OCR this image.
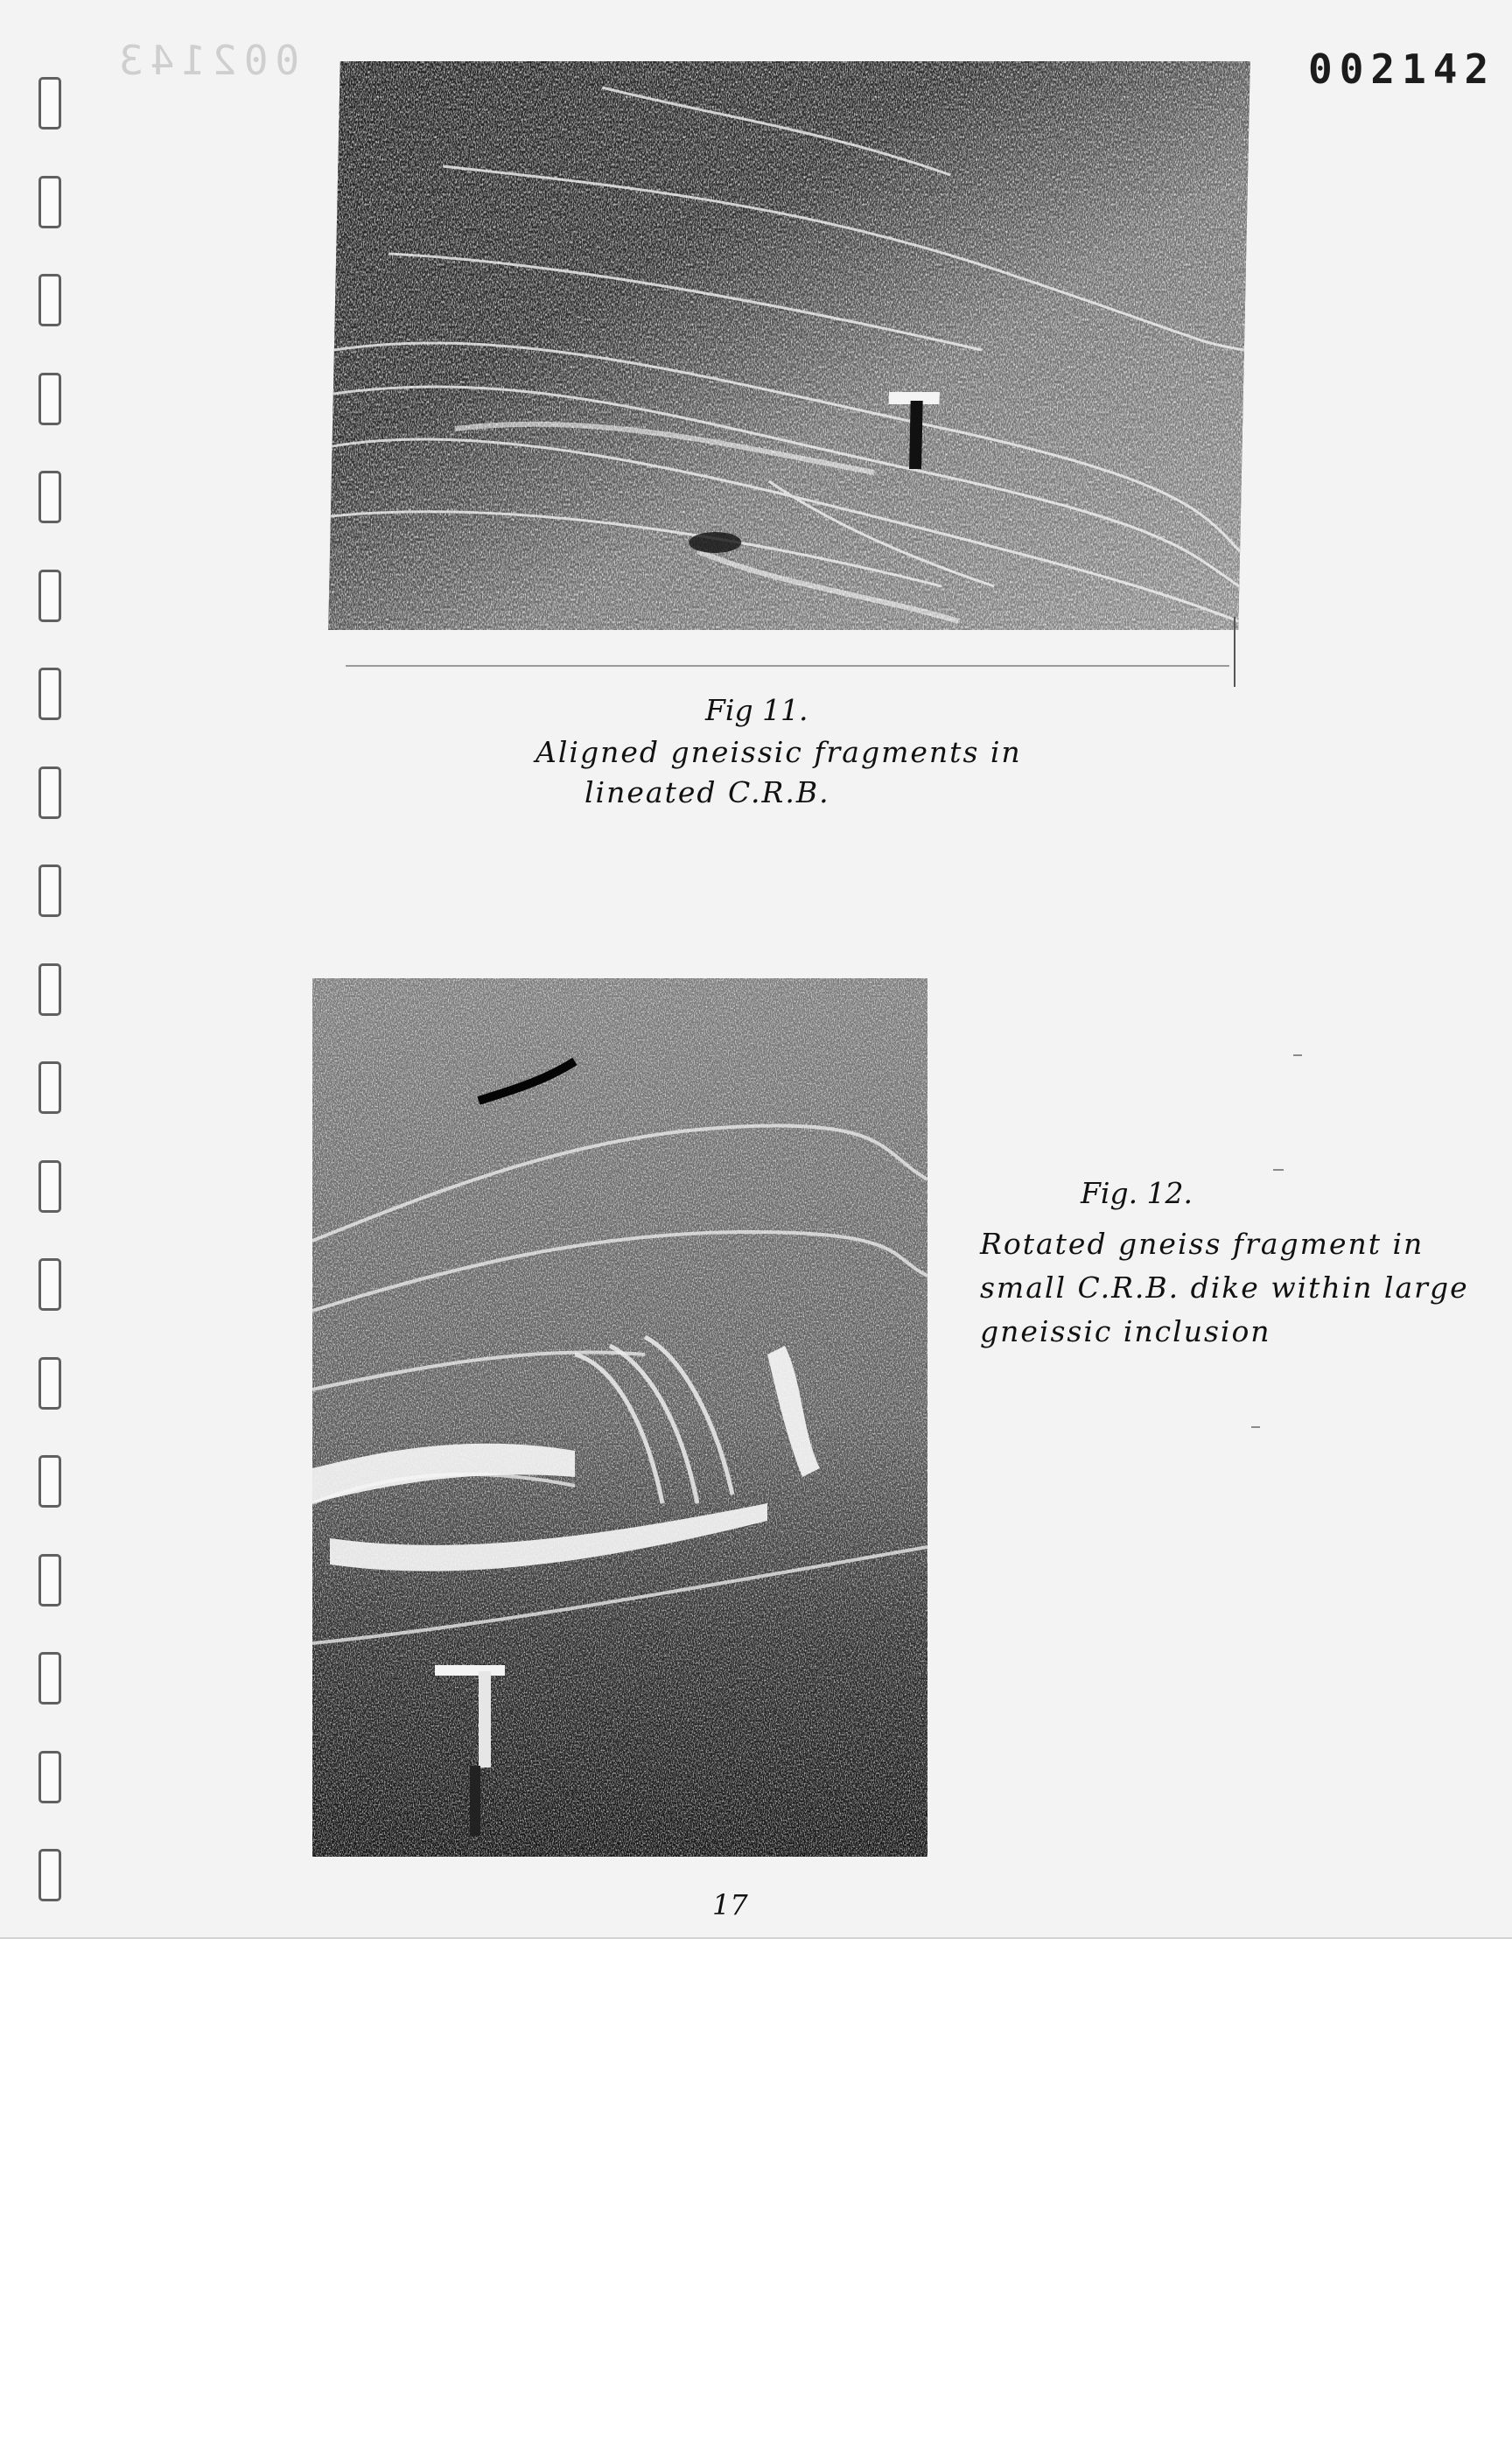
002143	002142
Fig 11.
Aligned gneissic fragments in
lineated C.R.B.
Fig. 12.
Rotated gneiss fragment in
small C.R.B. dike within large
gneissic inclusion
17
